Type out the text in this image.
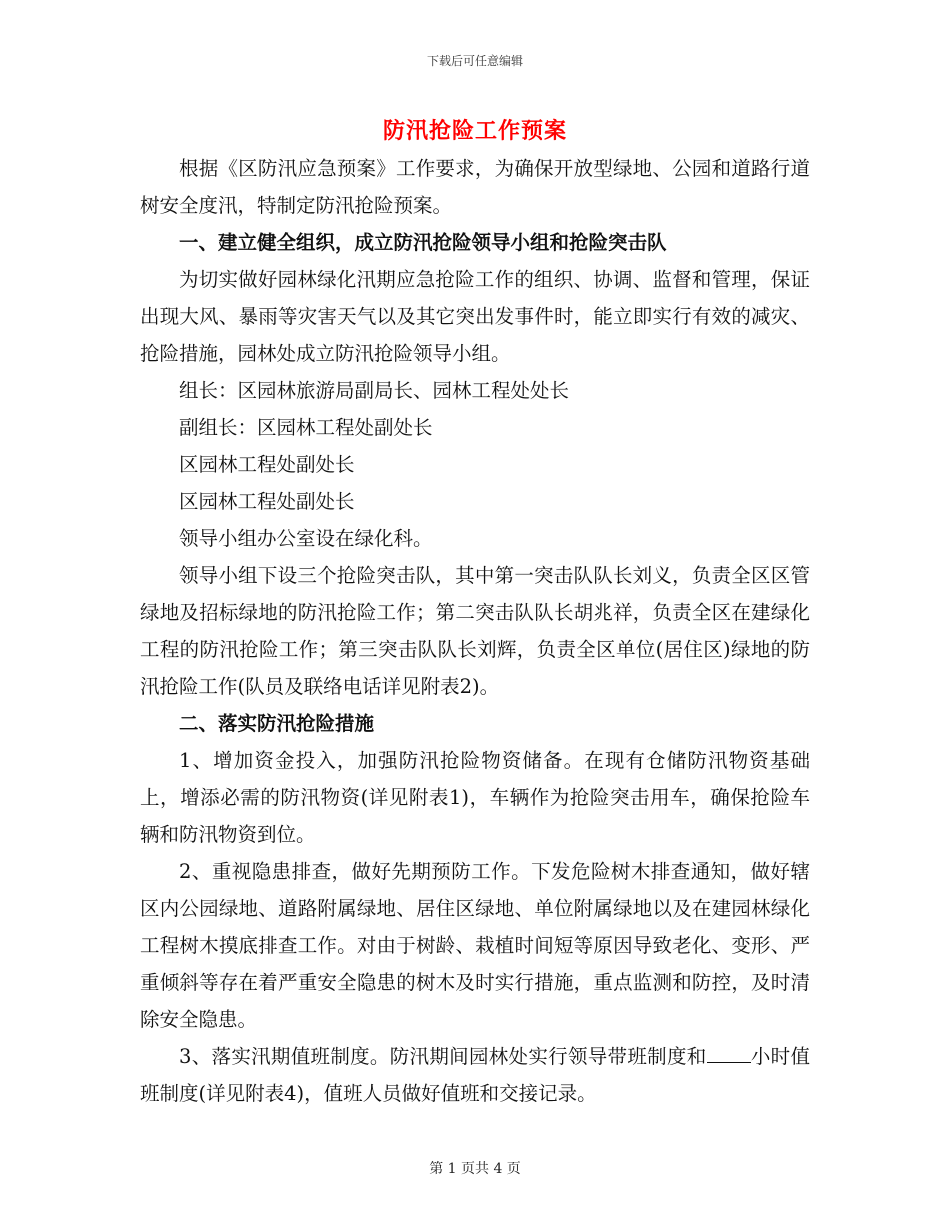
下载后可任意编辑
防汛抢险工作预案

根据《区防汛应急预案》工作要求，为确保开放型绿地、公园和道路行道树安全度汛，特制定防汛抢险预案。

一、建立健全组织，成立防汛抢险领导小组和抢险突击队

为切实做好园林绿化汛期应急抢险工作的组织、协调、监督和管理，保证出现大风、暴雨等灾害天气以及其它突出发事件时，能立即实行有效的减灾、抢险措施，园林处成立防汛抢险领导小组。

组长：区园林旅游局副局长、园林工程处处长

副组长：区园林工程处副处长

区园林工程处副处长

区园林工程处副处长

领导小组办公室设在绿化科。

领导小组下设三个抢险突击队，其中第一突击队队长刘义，负责全区区管绿地及招标绿地的防汛抢险工作；第二突击队队长胡兆祥，负责全区在建绿化工程的防汛抢险工作；第三突击队队长刘辉，负责全区单位(居住区)绿地的防汛抢险工作(队员及联络电话详见附表2)。

二、落实防汛抢险措施

1、增加资金投入，加强防汛抢险物资储备。在现有仓储防汛物资基础上，增添必需的防汛物资(详见附表1)，车辆作为抢险突击用车，确保抢险车辆和防汛物资到位。

2、重视隐患排查，做好先期预防工作。下发危险树木排查通知，做好辖区内公园绿地、道路附属绿地、居住区绿地、单位附属绿地以及在建园林绿化工程树木摸底排查工作。对由于树龄、栽植时间短等原因导致老化、变形、严重倾斜等存在着严重安全隐患的树木及时实行措施，重点监测和防控，及时清除安全隐患。

3、落实汛期值班制度。防汛期间园林处实行领导带班制度和 小时值班制度(详见附表4)，值班人员做好值班和交接记录。

第 1 页共 4 页
